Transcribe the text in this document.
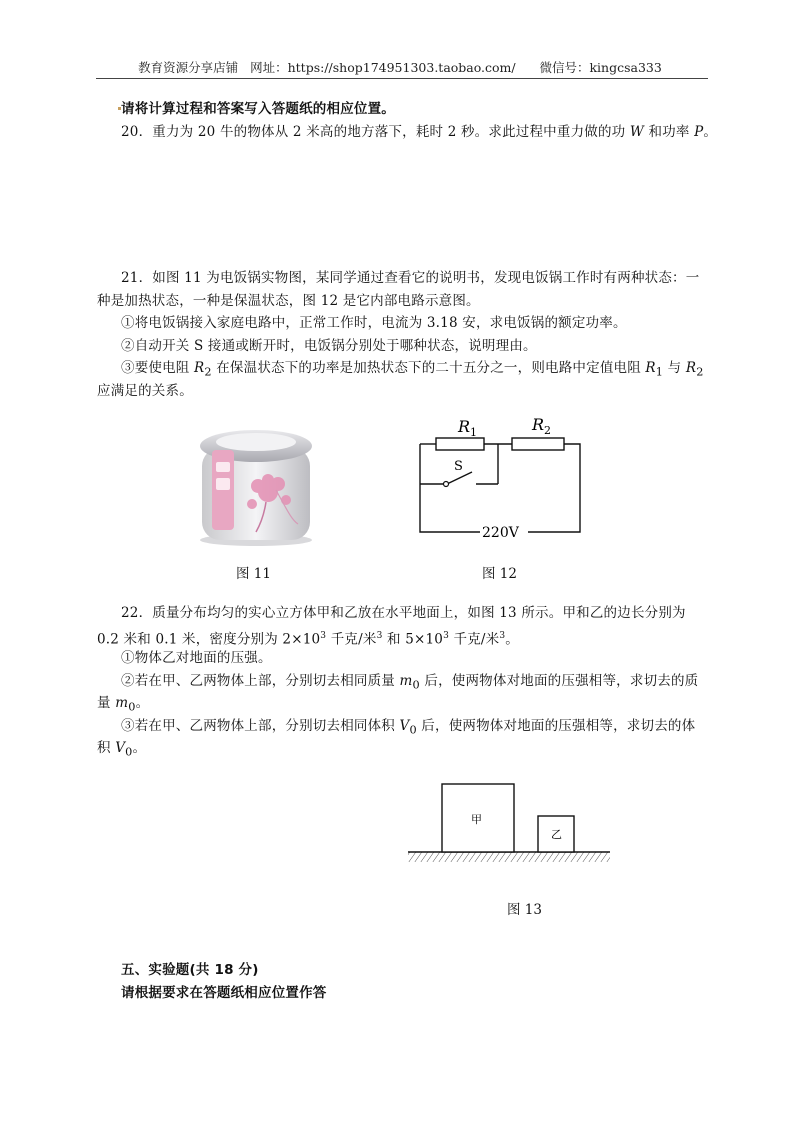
教育资源分享店铺 网址：https://shop174951303.taobao.com/ 微信号：kingcsa333
请将计算过程和答案写入答题纸的相应位置。
20．重力为 20 牛的物体从 2 米高的地方落下，耗时 2 秒。求此过程中重力做的功 W 和功率 P。
21．如图 11 为电饭锅实物图，某同学通过查看它的说明书，发现电饭锅工作时有两种状态：一
种是加热状态，一种是保温状态，图 12 是它内部电路示意图。
①将电饭锅接入家庭电路中，正常工作时，电流为 3.18 安，求电饭锅的额定功率。
②自动开关 S 接通或断开时，电饭锅分别处于哪种状态，说明理由。
③要使电阻 $R_2$ 在保温状态下的功率是加热状态下的二十五分之一，则电路中定值电阻 $R_1$ 与 $R_2$
应满足的关系。
图 11
$R_1$	$R_2$
S
220V
图 12
22．质量分布均匀的实心立方体甲和乙放在水平地面上，如图 13 所示。甲和乙的边长分别为
0.2 米和 0.1 米，密度分别为 $2\times 10^3$ 千克/米$^3$ 和 $5\times 10^3$ 千克/米$^3$。
①物体乙对地面的压强。
②若在甲、乙两物体上部，分别切去相同质量 $m_0$ 后，使两物体对地面的压强相等，求切去的质
量 $m_0$。
③若在甲、乙两物体上部，分别切去相同体积 $V_0$ 后，使两物体对地面的压强相等，求切去的体
积 $V_0$。
甲
乙
图 13
五、实验题(共 18 分)
请根据要求在答题纸相应位置作答
